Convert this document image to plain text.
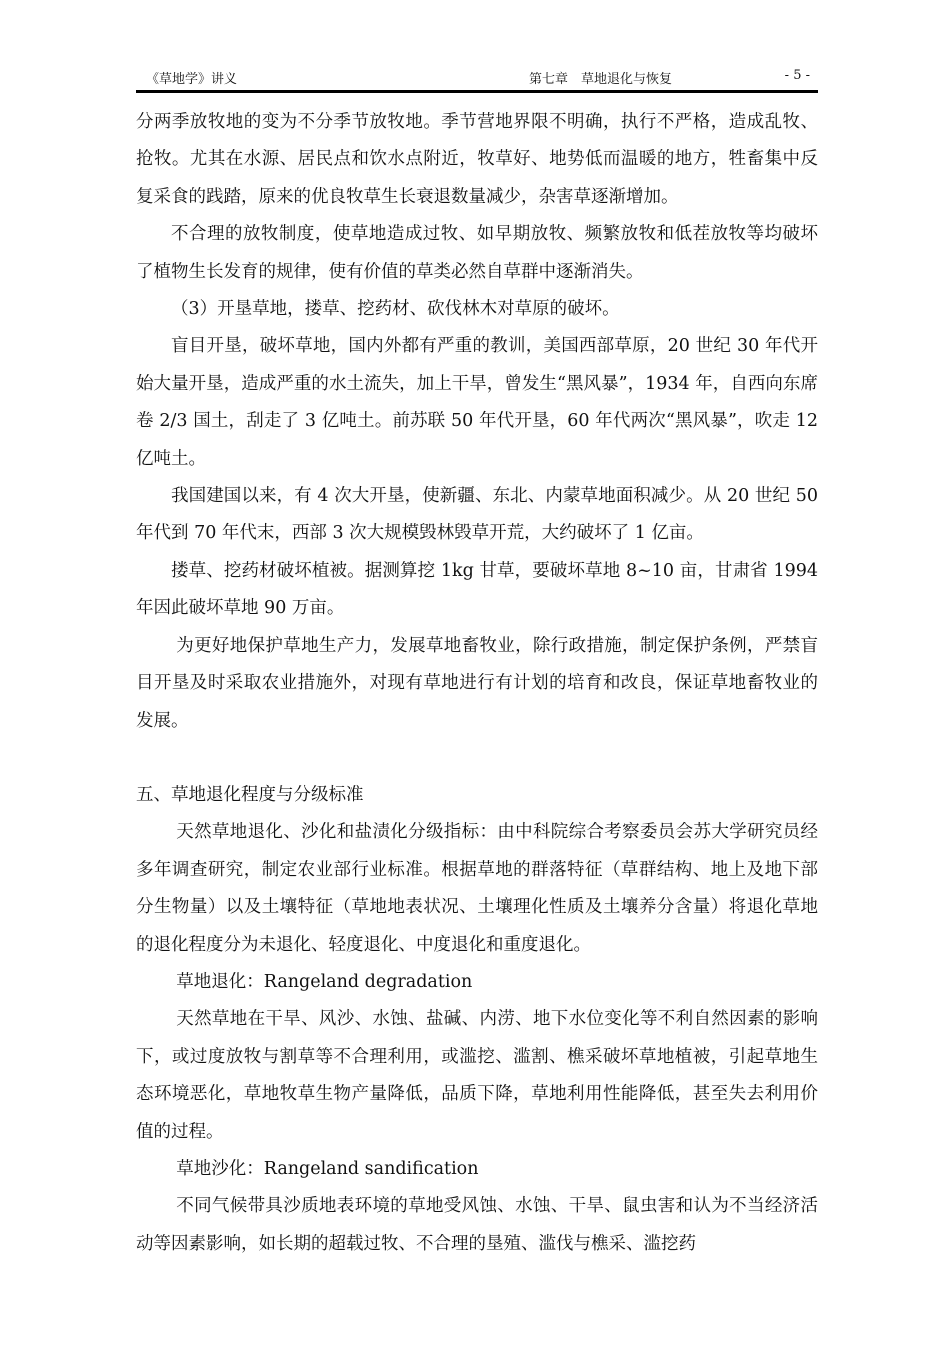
《草地学》讲义	第七章　草地退化与恢复	- 5 -

分两季放牧地的变为不分季节放牧地。季节营地界限不明确，执行不严格，造成乱牧、抢牧。尤其在水源、居民点和饮水点附近，牧草好、地势低而温暖的地方，牲畜集中反复采食的践踏，原来的优良牧草生长衰退数量减少，杂害草逐渐增加。

不合理的放牧制度，使草地造成过牧、如早期放牧、频繁放牧和低茬放牧等均破坏了植物生长发育的规律，使有价值的草类必然自草群中逐渐消失。

（3）开垦草地，搂草、挖药材、砍伐林木对草原的破坏。

盲目开垦，破坏草地，国内外都有严重的教训，美国西部草原，20 世纪 30 年代开始大量开垦，造成严重的水土流失，加上干旱，曾发生“黑风暴”，1934 年，自西向东席卷 2/3 国土，刮走了 3 亿吨土。前苏联 50 年代开垦，60 年代两次“黑风暴”，吹走 12 亿吨土。

我国建国以来，有 4 次大开垦，使新疆、东北、内蒙草地面积减少。从 20 世纪 50 年代到 70 年代末，西部 3 次大规模毁林毁草开荒，大约破坏了 1 亿亩。

搂草、挖药材破坏植被。据测算挖 1kg 甘草，要破坏草地 8~10 亩，甘肃省 1994 年因此破坏草地 90 万亩。

为更好地保护草地生产力，发展草地畜牧业，除行政措施，制定保护条例，严禁盲目开垦及时采取农业措施外，对现有草地进行有计划的培育和改良，保证草地畜牧业的发展。

五、草地退化程度与分级标准

天然草地退化、沙化和盐渍化分级指标：由中科院综合考察委员会苏大学研究员经多年调查研究，制定农业部行业标准。根据草地的群落特征（草群结构、地上及地下部分生物量）以及土壤特征（草地地表状况、土壤理化性质及土壤养分含量）将退化草地的退化程度分为未退化、轻度退化、中度退化和重度退化。

草地退化：Rangeland degradation

天然草地在干旱、风沙、水蚀、盐碱、内涝、地下水位变化等不利自然因素的影响下，或过度放牧与割草等不合理利用，或滥挖、滥割、樵采破坏草地植被，引起草地生态环境恶化，草地牧草生物产量降低，品质下降，草地利用性能降低，甚至失去利用价值的过程。

草地沙化：Rangeland sandification

不同气候带具沙质地表环境的草地受风蚀、水蚀、干旱、鼠虫害和认为不当经济活动等因素影响，如长期的超载过牧、不合理的垦殖、滥伐与樵采、滥挖药
